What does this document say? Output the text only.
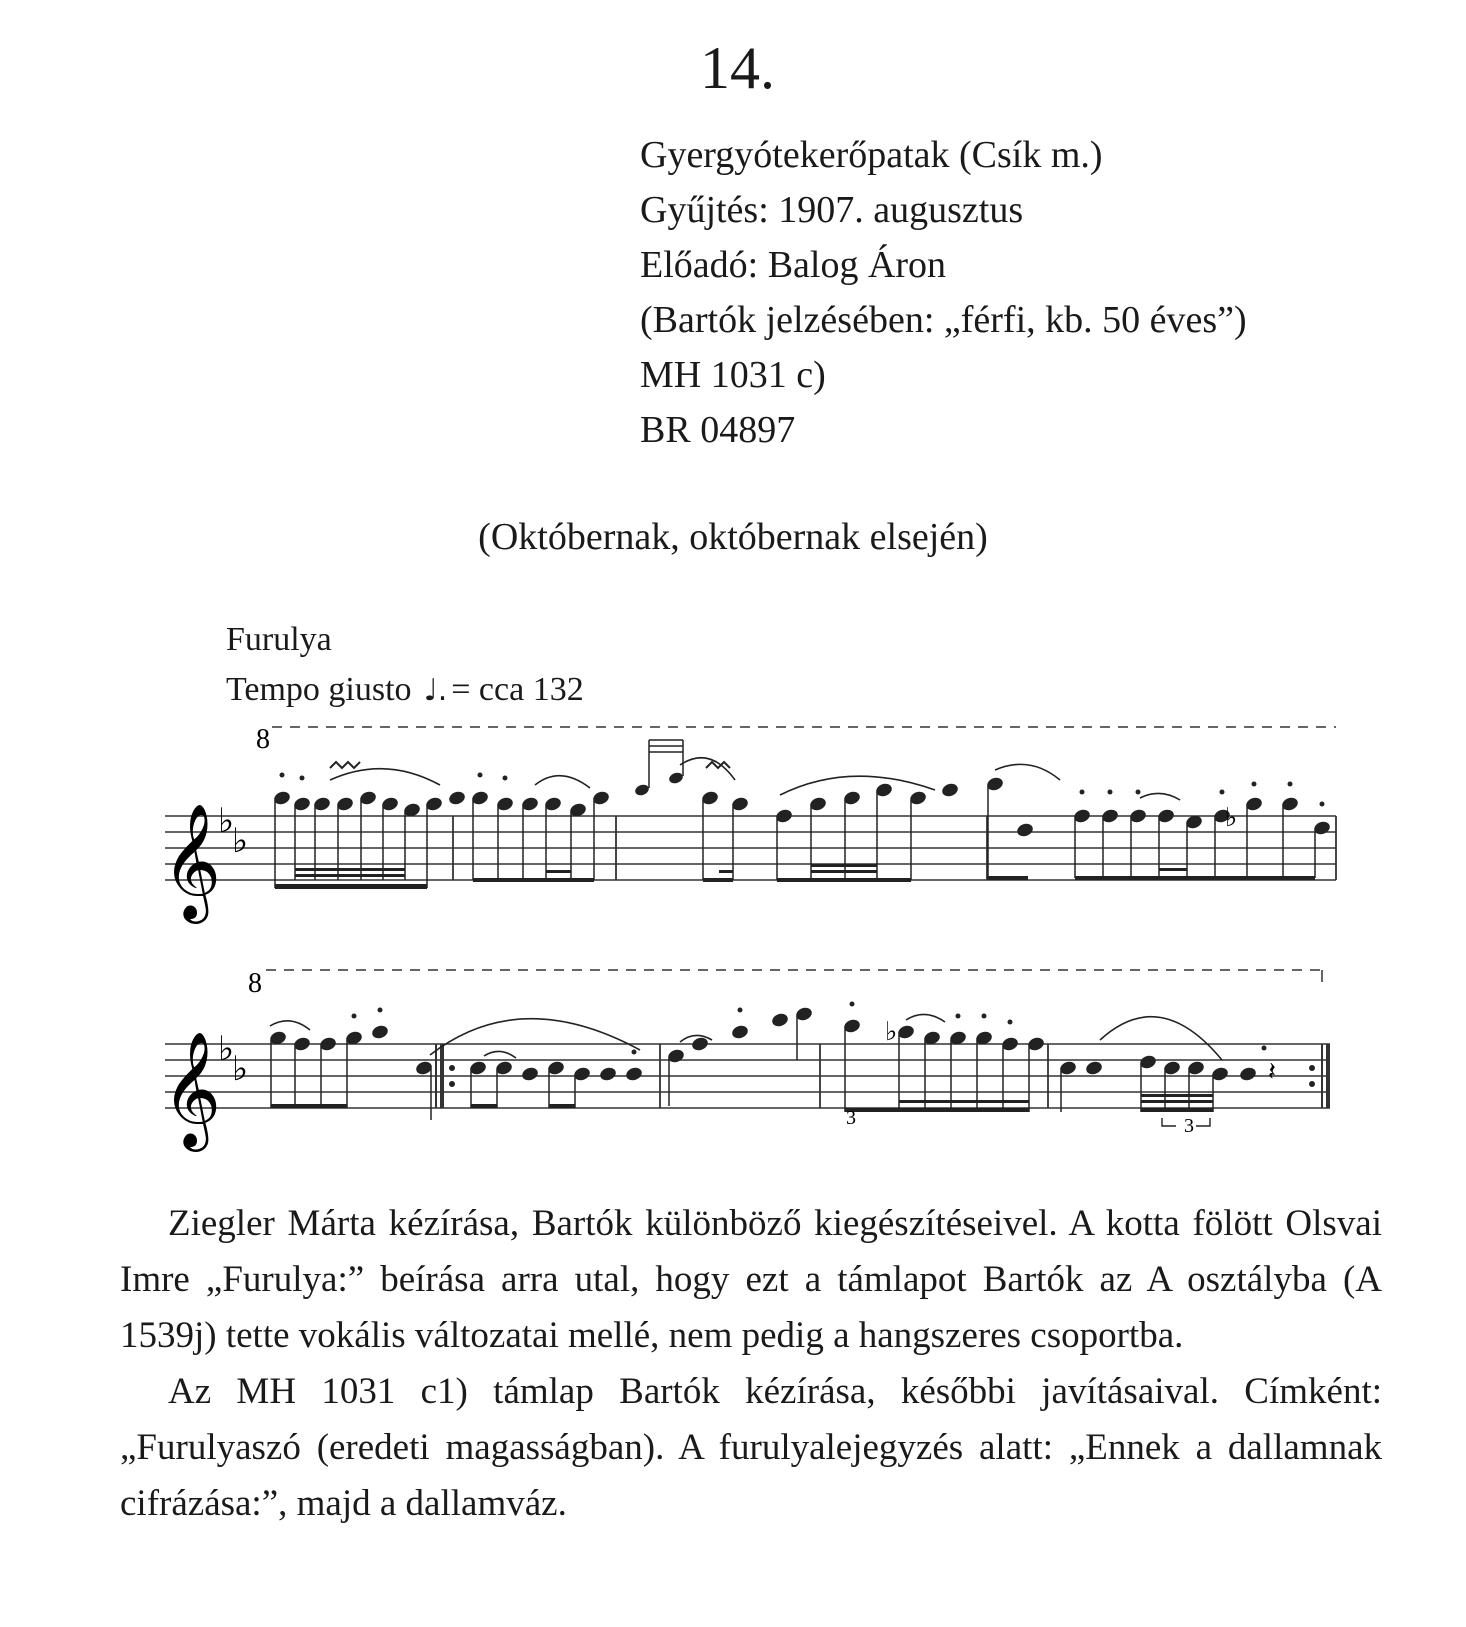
14.
Gyergyótekerőpatak (Csík m.)
Gyűjtés: 1907. augusztus
Előadó: Balog Áron
(Bartók jelzésében: „férfi, kb. 50 éves”)
MH 1031 c)
BR 04897
(Októbernak, októbernak elsején)
Furulya
Tempo giusto ♩. = cca 132
8
𝄞
♭
♭
♭
8
𝄞
♭
♭
♭
3	3
𝄽

Ziegler Márta kézírása, Bartók különböző kiegészítéseivel. A kotta fölött Olsvai Imre „Furulya:” beírása arra utal, hogy ezt a támlapot Bartók az A osztályba (A 1539j) tette vokális változatai mellé, nem pedig a hangszeres csoportba.

Az MH 1031 c1) támlap Bartók kézírása, későbbi javításaival. Címként: „Furulyaszó (eredeti magasságban). A furulyalejegyzés alatt: „Ennek a dallamnak cifrázása:”, majd a dallamváz.
